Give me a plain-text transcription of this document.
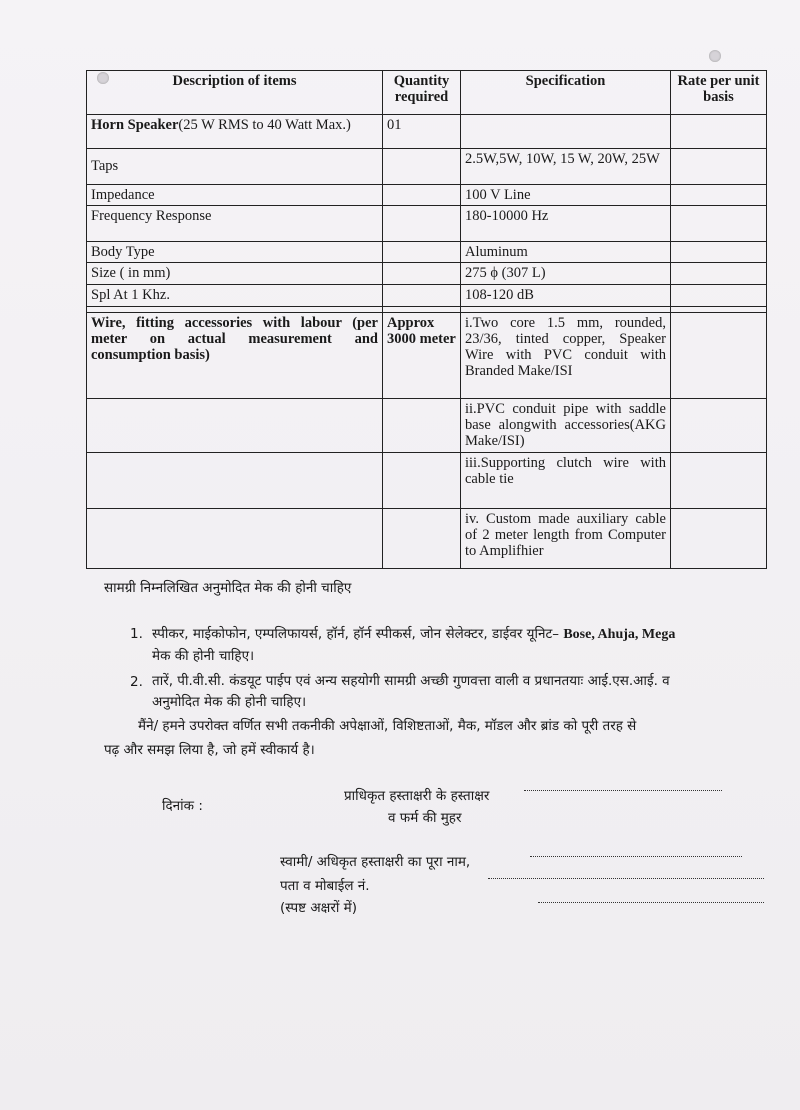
Description of items	Quantity required	Specification	Rate per unit basis
Horn Speaker(25 W RMS to 40 Watt Max.)	01		
Taps		2.5W,5W, 10W, 15 W, 20W, 25W	
Impedance		100 V Line	
Frequency Response		180-10000 Hz	
Body Type		Aluminum	
Size ( in mm)		275 ϕ (307 L)	
Spl At 1 Khz.		108-120 dB	

Wire, fitting accessories with labour (per meter on actual measurement and consumption basis)	Approx 3000 meter	i.Two core 1.5 mm, rounded, 23/36, tinted copper, Speaker Wire with PVC conduit with Branded Make/ISI	
		ii.PVC conduit pipe with saddle base alongwith accessories(AKG Make/ISI)	
		iii.Supporting clutch wire with cable tie	
		iv. Custom made auxiliary cable of 2 meter length from Computer to Amplifhier	
सामग्री निम्नलिखित अनुमोदित मेक की होनी चाहिए
1. स्पीकर, माईकोफोन, एम्पलिफायर्स, हॉर्न, हॉर्न स्पीकर्स, जोन सेलेक्टर, डाईवर यूनिट– Bose, Ahuja, Mega
मेक की होनी चाहिए।
2. तारें, पी.वी.सी. कंडयूट पाईप एवं अन्य सहयोगी सामग्री अच्छी गुणवत्ता वाली व प्रधानतयाः आई.एस.आई. व
अनुमोदित मेक की होनी चाहिए।
मैंने/ हमने उपरोक्त वर्णित सभी तकनीकी अपेक्षाओं, विशिष्टताओं, मैक, मॉडल और ब्रांड को पूरी तरह से
पढ़ और समझ लिया है, जो हमें स्वीकार्य है।
दिनांक :
प्राधिकृत हस्ताक्षरी के हस्ताक्षर
व फर्म की मुहर
स्वामी/ अधिकृत हस्ताक्षरी का पूरा नाम,
पता व मोबाईल नं.
(स्पष्ट अक्षरों में)
